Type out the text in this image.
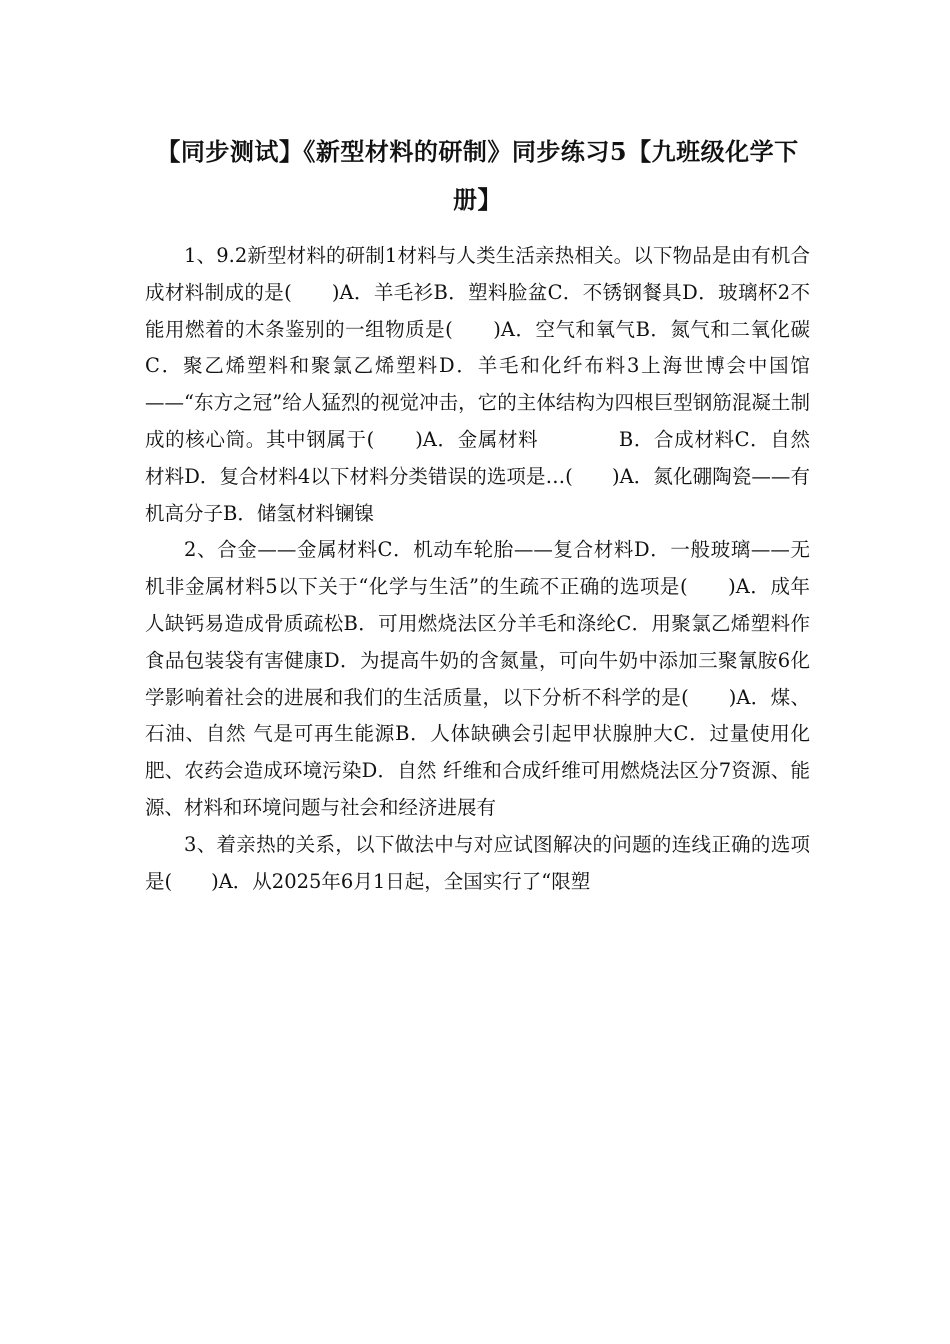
【同步测试】《新型材料的研制》同步练习5【九班级化学下册】

1、9.2新型材料的研制1材料与人类生活亲热相关。以下物品是由有机合成材料制成的是(　　)A．羊毛衫B．塑料脸盆C．不锈钢餐具D．玻璃杯2不能用燃着的木条鉴别的一组物质是(　　)A．空气和氧气B．氮气和二氧化碳C．聚乙烯塑料和聚氯乙烯塑料D．羊毛和化纤布料3上海世博会中国馆——“东方之冠”给人猛烈的视觉冲击，它的主体结构为四根巨型钢筋混凝土制成的核心筒。其中钢属于(　　)A．金属材料　　　　B．合成材料C．自然 材料D．复合材料4以下材料分类错误的选项是…(　　)A．氮化硼陶瓷——有机高分子B．储氢材料镧镍

2、合金——金属材料C．机动车轮胎——复合材料D．一般玻璃——无机非金属材料5以下关于“化学与生活”的生疏不正确的选项是(　　)A．成年人缺钙易造成骨质疏松B．可用燃烧法区分羊毛和涤纶C．用聚氯乙烯塑料作食品包装袋有害健康D．为提高牛奶的含氮量，可向牛奶中添加三聚氰胺6化学影响着社会的进展和我们的生活质量，以下分析不科学的是(　　)A．煤、石油、自然 气是可再生能源B．人体缺碘会引起甲状腺肿大C．过量使用化肥、农药会造成环境污染D．自然 纤维和合成纤维可用燃烧法区分7资源、能源、材料和环境问题与社会和经济进展有

3、着亲热的关系，以下做法中与对应试图解决的问题的连线正确的选项是(　　)A．从2025年6月1日起，全国实行了“限塑
